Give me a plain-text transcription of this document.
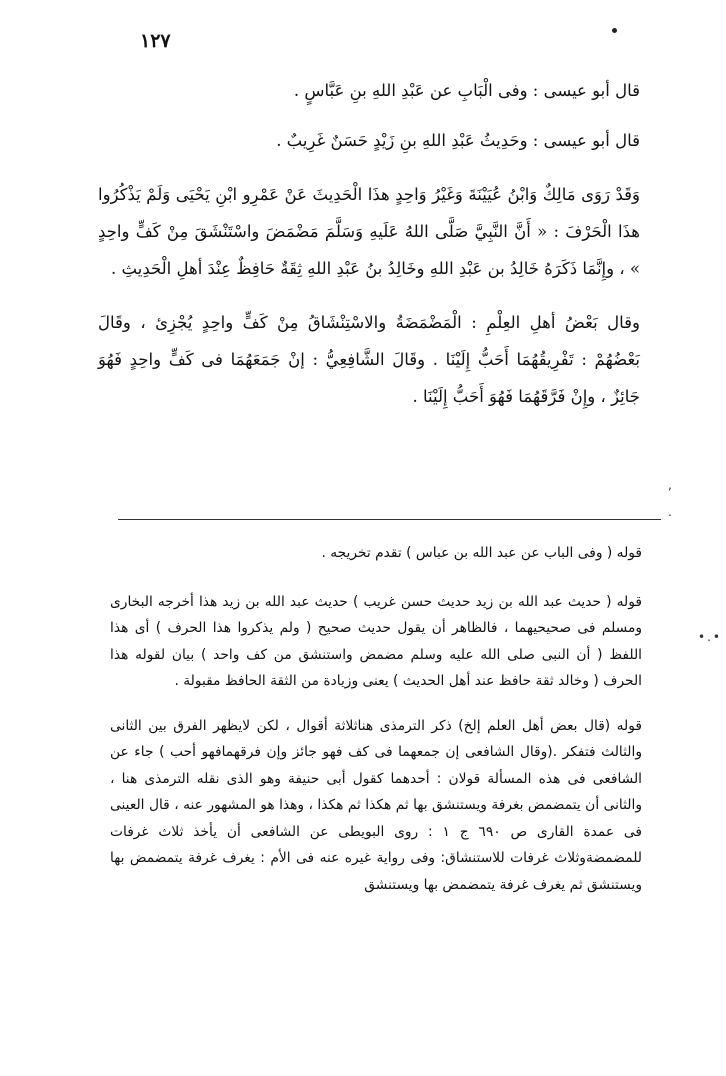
١٢٧

قال أبو عيسى : وفى الْبَابِ عن عَبْدِ اللهِ بنِ عَبَّاسٍ .

قال أبو عيسى : وحَدِيثُ عَبْدِ اللهِ بنِ زَيْدٍ حَسَنٌ غَرِيبٌ .

وَقَدْ رَوَى مَالِكٌ وَابْنُ عُيَيْنَةَ وَغَيْرُ وَاحِدٍ هذَا الْحَدِيثَ عَنْ عَمْرِو ابْنِ يَحْيَى وَلَمْ يَذْكُرُوا هذَا الْحَرْفَ : « أَنَّ النَّبِيَّ صَلَّى اللهُ عَلَيهِ وَسَلَّمَ مَضْمَضَ واسْتَنْشَقَ مِنْ كَفٍّ واحِدٍ » ، وإِنَّمَا ذَكَرَهُ خَالِدُ بن عَبْدِ اللهِ وخَالِدُ بنُ عَبْدِ اللهِ ثِقَةٌ حَافِظٌ عِنْدَ أهلِ الْحَدِيثِ .

وقال بَعْضُ أهلِ العِلْمِ : الْمَضْمَضَةُ والاسْتِنْشَاقُ مِنْ كَفٍّ واحِدٍ يُجْزِئ ، وقَالَ بَعْضُهُمْ : تَفْرِيقُهُمَا أَحَبُّ إِلَيْنَا . وقَالَ الشَّافِعِيُّ : إنْ جَمَعَهُمَا فى كَفٍّ واحِدٍ فَهُوَ جَائِزٌ ، وإِنْ فَرَّقَهُمَا فَهُوَ أَحَبُّ إِلَيْنَا .

,
.
•.•

قوله ( وفى الباب عن عبد الله بن عباس ) تقدم تخريجه .

قوله ( حديث عبد الله بن زيد حديث حسن غريب ) حديث عبد الله بن زيد هذا أخرجه البخارى ومسلم فى صحيحيهما ، فالظاهر أن يقول حديث صحيح ( ولم يذكروا هذا الحرف ) أى هذا اللفظ ( أن النبى صلى الله عليه وسلم مضمض واستنشق من كف واحد ) بيان لقوله هذا الحرف ( وخالد ثقة حافظ عند أهل الحديث ) يعنى وزيادة من الثقة الحافظ مقبولة .

قوله (قال بعض أهل العلم إلخ) ذكر الترمذى هناثلاثة أقوال ، لكن لايظهر الفرق بين الثانى والثالث فتفكر .(وقال الشافعى إن جمعهما فى كف فهو جائز وإن فرقهمافهو أحب ) جاء عن الشافعى فى هذه المسألة قولان : أحدهما كقول أبى حنيفة وهو الذى نقله الترمذى هنا ، والثانى أن يتمضمض بغرفة ويستنشق بها ثم هكذا ثم هكذا ، وهذا هو المشهور عنه ، قال العينى فى عمدة القارى ص ٦٩٠ ج ١ : روى البويطى عن الشافعى أن يأخذ ثلاث غرفات للمضمضةوثلاث غرفات للاستنشاق: وفى رواية غيره عنه فى الأم : يغرف غرفة يتمضمض بها ويستنشق ثم يغرف غرفة يتمضمض بها ويستنشق
